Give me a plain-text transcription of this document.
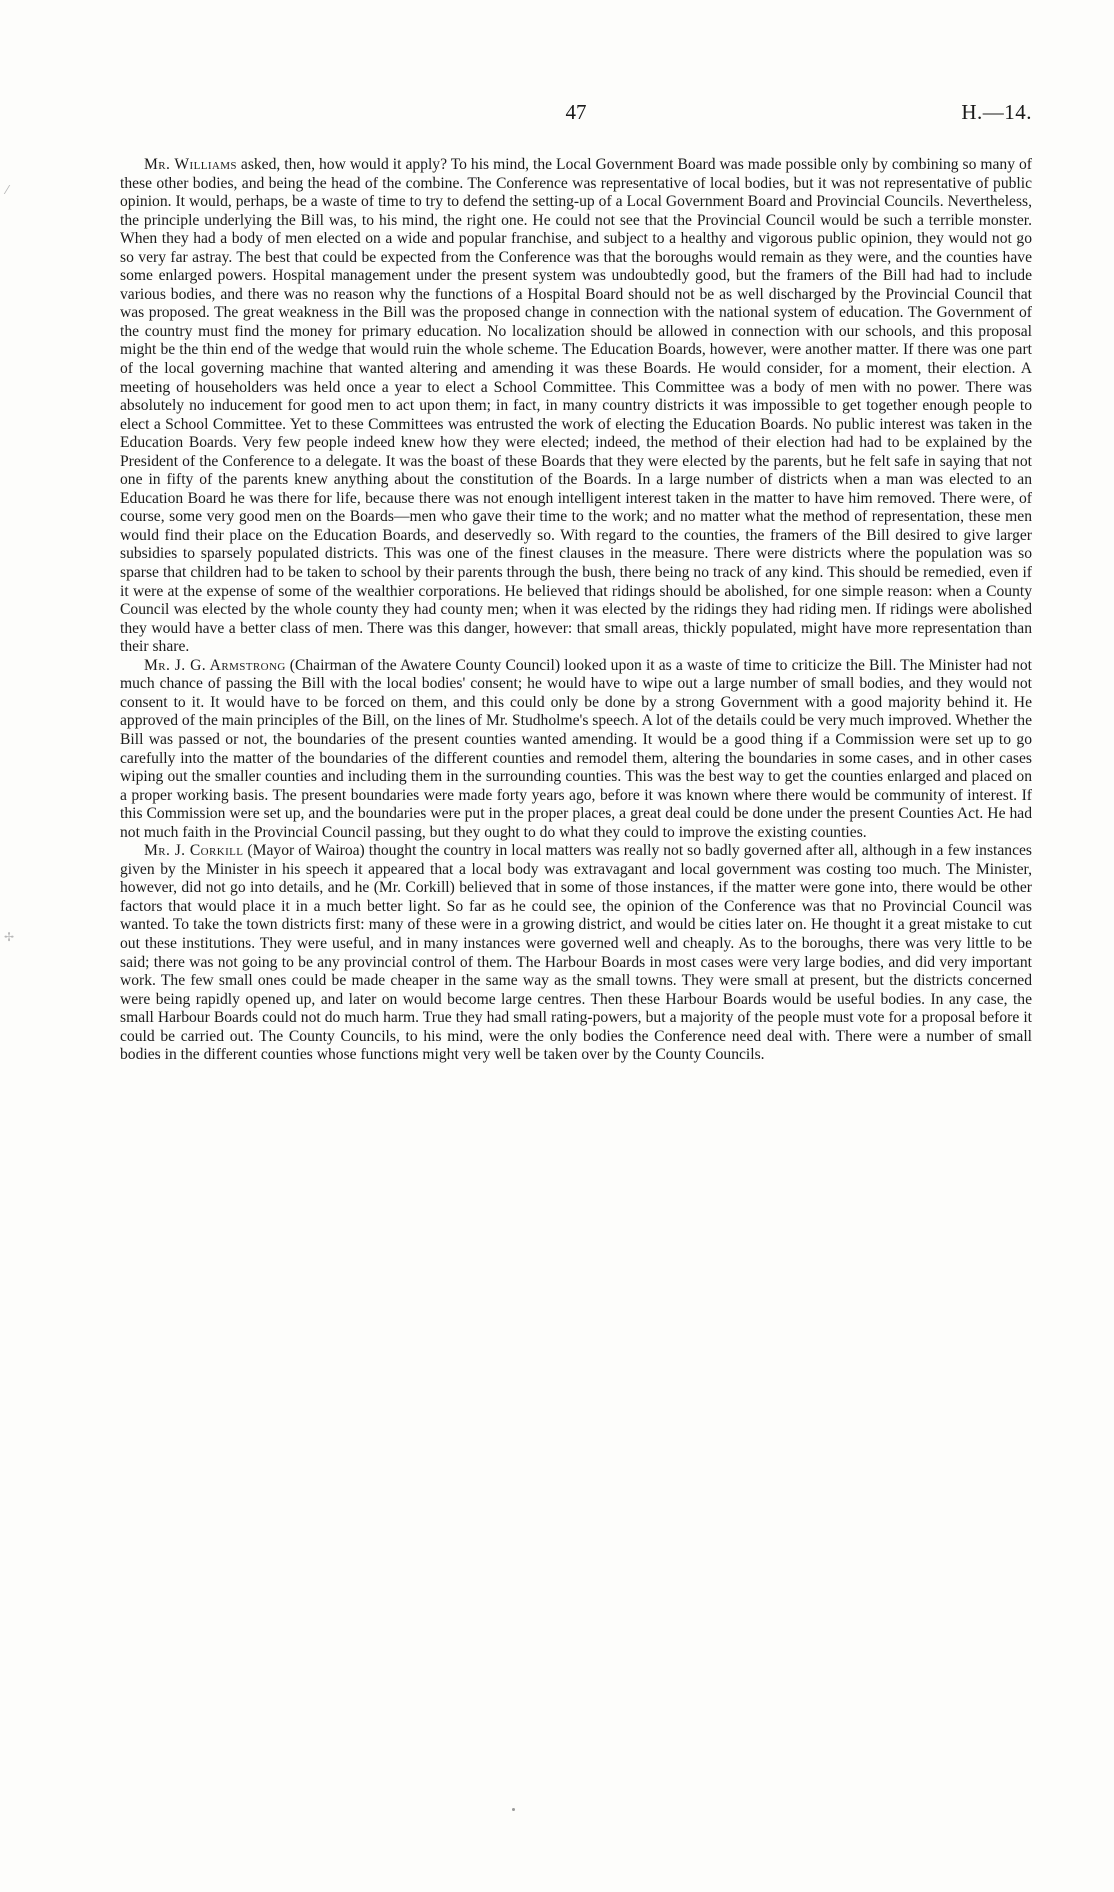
47	H.—14.

Mr. Williams asked, then, how would it apply? To his mind, the Local Government Board was made possible only by combining so many of these other bodies, and being the head of the combine. The Conference was representative of local bodies, but it was not representative of public opinion. It would, perhaps, be a waste of time to try to defend the setting-up of a Local Government Board and Provincial Councils. Nevertheless, the principle underlying the Bill was, to his mind, the right one. He could not see that the Provincial Council would be such a terrible monster. When they had a body of men elected on a wide and popular franchise, and subject to a healthy and vigorous public opinion, they would not go so very far astray. The best that could be expected from the Conference was that the boroughs would remain as they were, and the counties have some enlarged powers. Hospital management under the present system was undoubtedly good, but the framers of the Bill had had to include various bodies, and there was no reason why the functions of a Hospital Board should not be as well discharged by the Provincial Council that was proposed. The great weakness in the Bill was the proposed change in connection with the national system of education. The Government of the country must find the money for primary education. No localization should be allowed in connection with our schools, and this proposal might be the thin end of the wedge that would ruin the whole scheme. The Education Boards, however, were another matter. If there was one part of the local governing machine that wanted altering and amending it was these Boards. He would consider, for a moment, their election. A meeting of householders was held once a year to elect a School Committee. This Committee was a body of men with no power. There was absolutely no inducement for good men to act upon them; in fact, in many country districts it was impossible to get together enough people to elect a School Committee. Yet to these Committees was entrusted the work of electing the Education Boards. No public interest was taken in the Education Boards. Very few people indeed knew how they were elected; indeed, the method of their election had had to be explained by the President of the Conference to a delegate. It was the boast of these Boards that they were elected by the parents, but he felt safe in saying that not one in fifty of the parents knew anything about the constitution of the Boards. In a large number of districts when a man was elected to an Education Board he was there for life, because there was not enough intelligent interest taken in the matter to have him removed. There were, of course, some very good men on the Boards—men who gave their time to the work; and no matter what the method of representation, these men would find their place on the Education Boards, and deservedly so. With regard to the counties, the framers of the Bill desired to give larger subsidies to sparsely populated districts. This was one of the finest clauses in the measure. There were districts where the population was so sparse that children had to be taken to school by their parents through the bush, there being no track of any kind. This should be remedied, even if it were at the expense of some of the wealthier corporations. He believed that ridings should be abolished, for one simple reason: when a County Council was elected by the whole county they had county men; when it was elected by the ridings they had riding men. If ridings were abolished they would have a better class of men. There was this danger, however: that small areas, thickly populated, might have more representation than their share.

Mr. J. G. Armstrong (Chairman of the Awatere County Council) looked upon it as a waste of time to criticize the Bill. The Minister had not much chance of passing the Bill with the local bodies' consent; he would have to wipe out a large number of small bodies, and they would not consent to it. It would have to be forced on them, and this could only be done by a strong Government with a good majority behind it. He approved of the main principles of the Bill, on the lines of Mr. Studholme's speech. A lot of the details could be very much improved. Whether the Bill was passed or not, the boundaries of the present counties wanted amending. It would be a good thing if a Commission were set up to go carefully into the matter of the boundaries of the different counties and remodel them, altering the boundaries in some cases, and in other cases wiping out the smaller counties and including them in the surrounding counties. This was the best way to get the counties enlarged and placed on a proper working basis. The present boundaries were made forty years ago, before it was known where there would be community of interest. If this Commission were set up, and the boundaries were put in the proper places, a great deal could be done under the present Counties Act. He had not much faith in the Provincial Council passing, but they ought to do what they could to improve the existing counties.

Mr. J. Corkill (Mayor of Wairoa) thought the country in local matters was really not so badly governed after all, although in a few instances given by the Minister in his speech it appeared that a local body was extravagant and local government was costing too much. The Minister, however, did not go into details, and he (Mr. Corkill) believed that in some of those instances, if the matter were gone into, there would be other factors that would place it in a much better light. So far as he could see, the opinion of the Conference was that no Provincial Council was wanted. To take the town districts first: many of these were in a growing district, and would be cities later on. He thought it a great mistake to cut out these institutions. They were useful, and in many instances were governed well and cheaply. As to the boroughs, there was very little to be said; there was not going to be any provincial control of them. The Harbour Boards in most cases were very large bodies, and did very important work. The few small ones could be made cheaper in the same way as the small towns. They were small at present, but the districts concerned were being rapidly opened up, and later on would become large centres. Then these Harbour Boards would be useful bodies. In any case, the small Harbour Boards could not do much harm. True they had small rating-powers, but a majority of the people must vote for a proposal before it could be carried out. The County Councils, to his mind, were the only bodies the Conference need deal with. There were a number of small bodies in the different counties whose functions might very well be taken over by the County Councils.

⁄
✢
